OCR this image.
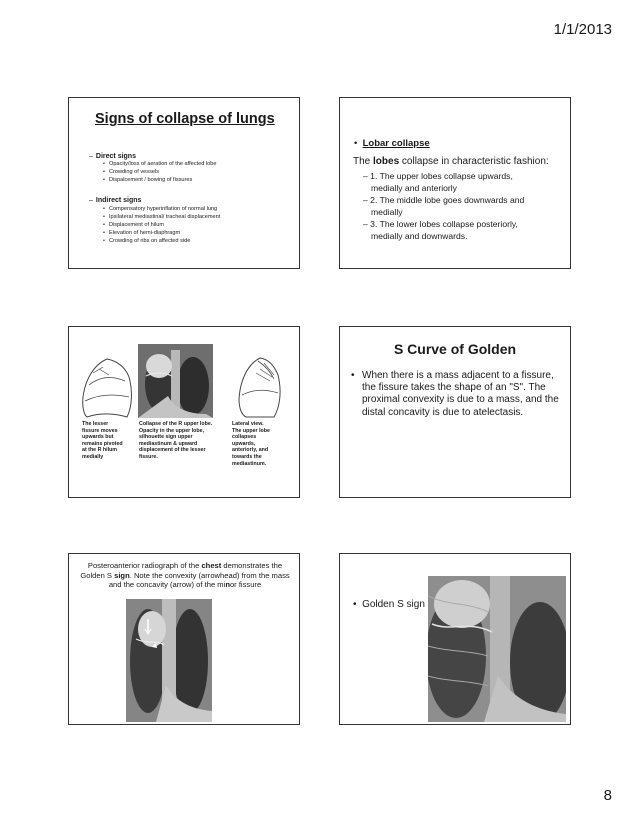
1/1/2013
Signs of collapse of lungs
– Direct signs
• Opacity/loss of aeration of the affected lobe
• Crowding of vessels
• Dispalcement / bowing of fissures
– Indirect signs
• Compensatory hyperinflation of normal lung
• Ipsilateral mediastinal/ tracheal displacement
• Displacement of hilum
• Elevation of hemi-diaphragm
• Crowding of ribs on affected side
•  Lobar collapse
The lobes collapse in characteristic fashion:

– 1. The upper lobes collapse upwards,
medially and anteriorly

– 2. The middle lobe goes downwards and
medially

– 3. The lower lobes collapse posteriorly,
medially and downwards.

The lesser
fissure moves
upwards but
remains pivoted
at the R hilum
medially
Collapse of the R upper lobe.
Opacity in the upper lobe,
silhouette sign upper
mediastinum & upward
displacement of the lesser
fissure.
Lateral view.
The upper lobe
collapses
upwards,
anteriorly, and
towards the
mediastinum.
S Curve of Golden

• When there is a mass adjacent to a fissure, the fissure takes the shape of an "S". The proximal convexity is due to a mass, and the distal concavity is due to atelectasis.

Posteroanterior radiograph of the chest demonstrates the Golden S sign. Note the convexity (arrowhead) from the mass and the concavity (arrow) of the minor fissure

•  Golden S sign
8
